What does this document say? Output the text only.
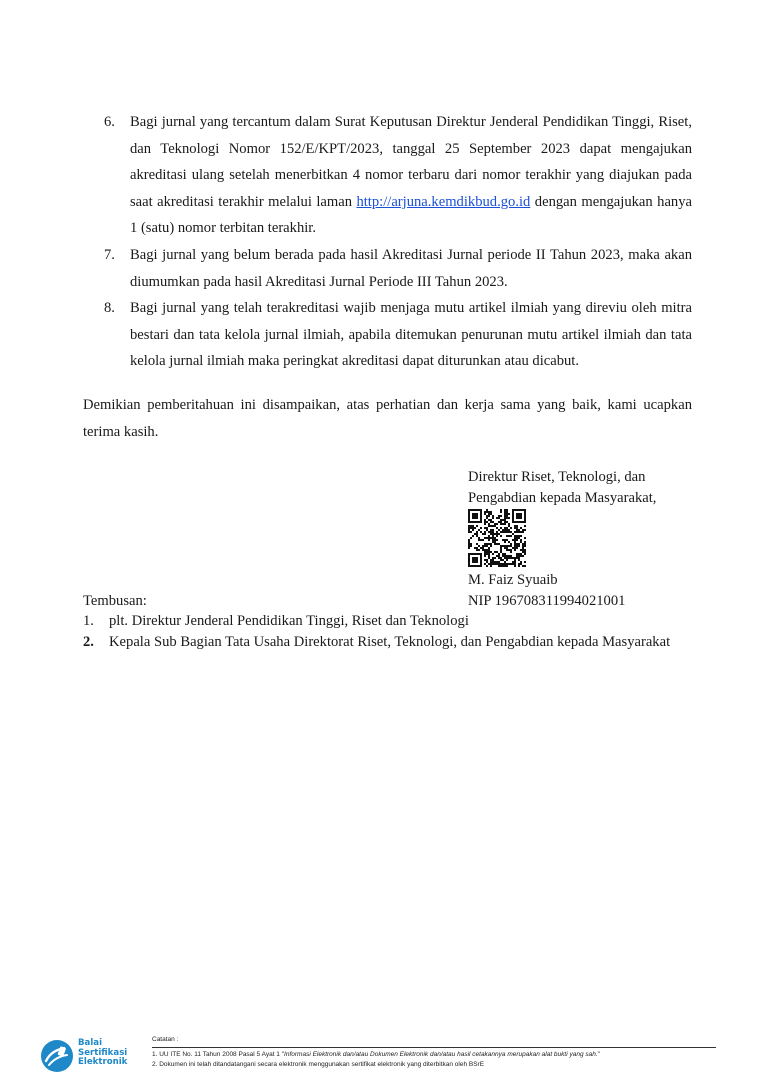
6. Bagi jurnal yang tercantum dalam Surat Keputusan Direktur Jenderal Pendidikan Tinggi, Riset, dan Teknologi Nomor 152/E/KPT/2023, tanggal 25 September 2023 dapat mengajukan akreditasi ulang setelah menerbitkan 4 nomor terbaru dari nomor terakhir yang diajukan pada saat akreditasi terakhir melalui laman http://arjuna.kemdikbud.go.id dengan mengajukan hanya 1 (satu) nomor terbitan terakhir.
7. Bagi jurnal yang belum berada pada hasil Akreditasi Jurnal periode II Tahun 2023, maka akan diumumkan pada hasil Akreditasi Jurnal Periode III Tahun 2023.
8. Bagi jurnal yang telah terakreditasi wajib menjaga mutu artikel ilmiah yang direviu oleh mitra bestari dan tata kelola jurnal ilmiah, apabila ditemukan penurunan mutu artikel ilmiah dan tata kelola jurnal ilmiah maka peringkat akreditasi dapat diturunkan atau dicabut.

Demikian pemberitahuan ini disampaikan, atas perhatian dan kerja sama yang baik, kami ucapkan terima kasih.

Direktur Riset, Teknologi, dan
Pengabdian kepada Masyarakat,
M. Faiz Syuaib
Tembusan:	NIP 196708311994021001
1. plt. Direktur Jenderal Pendidikan Tinggi, Riset dan Teknologi
2. Kepala Sub Bagian Tata Usaha Direktorat Riset, Teknologi, dan Pengabdian kepada Masyarakat
Balai
Sertifikasi
Elektronik
Catatan :
1. UU ITE No. 11 Tahun 2008 Pasal 5 Ayat 1 "Informasi Elektronik dan/atau Dokumen Elektronik dan/atau hasil cetakannya merupakan alat bukti yang sah."
2. Dokumen ini telah ditandatangani secara elektronik menggunakan sertifikat elektronik yang diterbitkan oleh BSrE
